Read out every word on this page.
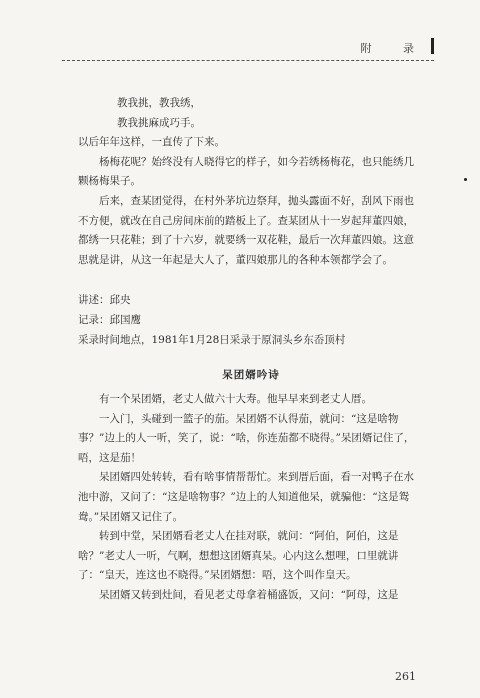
附 录

教我挑，教我绣，

教我挑麻成巧手。

以后年年这样，一直传了下来。

杨梅花呢？始终没有人晓得它的样子，如今若绣杨梅花，也只能绣几颗杨梅果子。

后来，查某团觉得，在村外茅坑边祭拜，抛头露面不好，刮风下雨也不方便，就改在自己房间床前的踏板上了。查某团从十一岁起拜董四娘，都绣一只花鞋；到了十六岁，就要绣一双花鞋，最后一次拜董四娘。这意思就是讲，从这一年起是大人了，董四娘那儿的各种本领都学会了。

讲述：邱央

记录：邱国鹰

采录时间地点，1981年1月28日采录于原洞头乡东岙顶村

呆团婿吟诗

有一个呆团婿，老丈人做六十大寿。他早早来到老丈人厝。

一入门，头碰到一篮子的茄。呆团婿不认得茄，就问：“这是啥物事？”边上的人一听，笑了，说：“啥，你连茄都不晓得。”呆团婿记住了，唔，这是茄！

呆团婿四处转转，看有啥事情帮帮忙。来到厝后面，看一对鸭子在水池中游，又问了：“这是啥物事？”边上的人知道他呆，就骗他：“这是鸳鸯。”呆团婿又记住了。

转到中堂，呆团婿看老丈人在挂对联，就问：“阿伯，阿伯，这是啥？”老丈人一听，气啊，想想这团婿真呆。心内这么想哩，口里就讲了：“皇天，连这也不晓得。”呆团婿想：唔，这个叫作皇天。

呆团婿又转到灶间，看见老丈母拿着桶盛饭，又问：“阿母，这是

261
